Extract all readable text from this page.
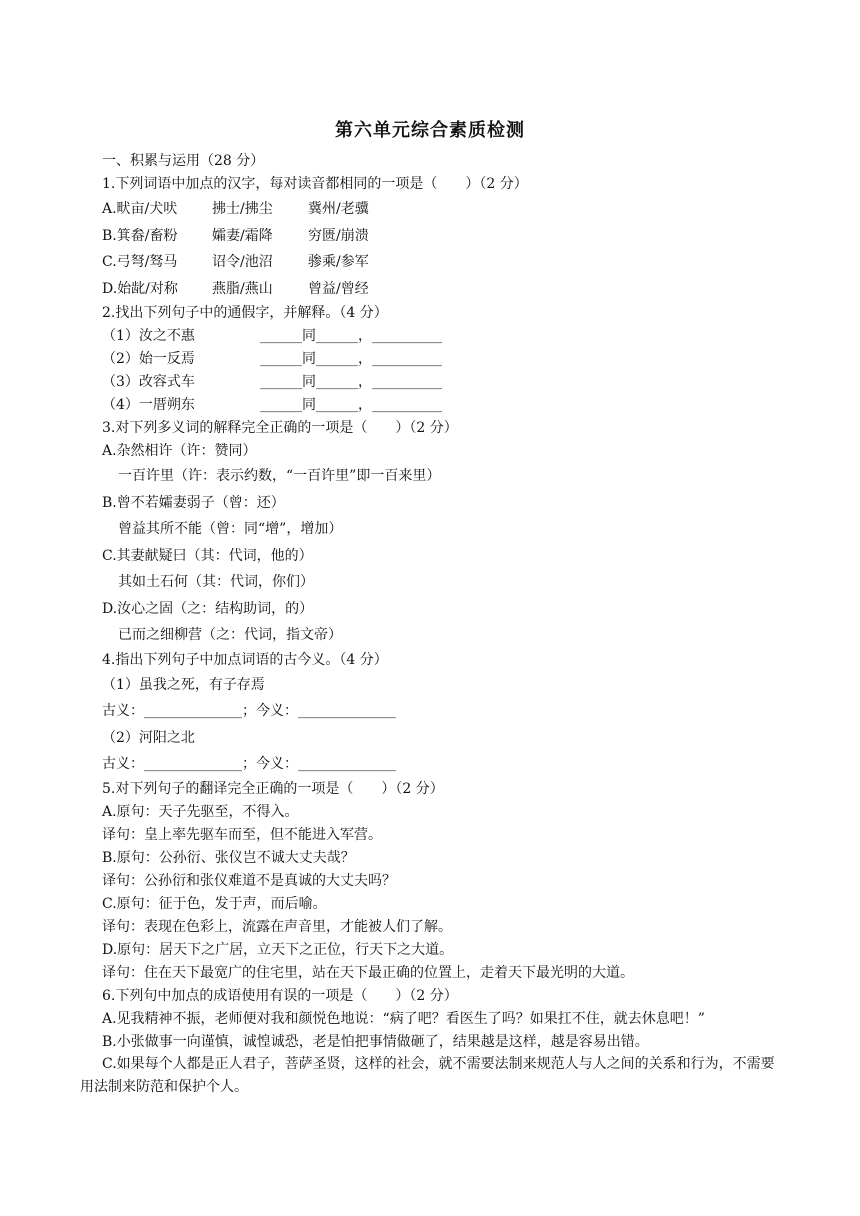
第六单元综合素质检测
一、积累与运用（28 分）
1.下列词语中加点的汉字，每对读音都相同的一项是（　　）（2 分）
A.畎亩/犬吠 拂士/拂尘	冀州/老骥
B.箕畚/畜粉 孀妻/霜降	穷匮/崩溃
C.弓弩/驽马 诏令/池沼	骖乘/参军
D.始龀/对称 燕脂/燕山	曾益/曾经
2.找出下列句子中的通假字，并解释。（4 分）
（1）汝之不惠	______同______，__________
（2）始一反焉	______同______，__________
（3）改容式车	______同______，__________
（4）一厝朔东	______同______，__________
3.对下列多义词的解释完全正确的一项是（　　）（2 分）
A.杂然相许（许：赞同）
一百许里（许：表示约数，“一百许里”即一百来里）
B.曾不若孀妻弱子（曾：还）
曾益其所不能（曾：同“增”，增加）
C.其妻献疑曰（其：代词，他的）
其如土石何（其：代词，你们）
D.汝心之固（之：结构助词，的）
已而之细柳营（之：代词，指文帝）
4.指出下列句子中加点词语的古今义。（4 分）
（1）虽我之死，有子存焉
古义：______________；今义：______________
（2）河阳之北
古义：______________；今义：______________
5.对下列句子的翻译完全正确的一项是（　　）（2 分）
A.原句：天子先驱至，不得入。
译句：皇上率先驱车而至，但不能进入军营。
B.原句：公孙衍、张仪岂不诚大丈夫哉？
译句：公孙衍和张仪难道不是真诚的大丈夫吗？
C.原句：征于色，发于声，而后喻。
译句：表现在色彩上，流露在声音里，才能被人们了解。
D.原句：居天下之广居，立天下之正位，行天下之大道。
译句：住在天下最宽广的住宅里，站在天下最正确的位置上，走着天下最光明的大道。
6.下列句中加点的成语使用有误的一项是（　　）（2 分）
A.见我精神不振，老师便对我和颜悦色地说：“病了吧？看医生了吗？如果扛不住，就去休息吧！”
B.小张做事一向谨慎，诚惶诚恐，老是怕把事情做砸了，结果越是这样，越是容易出错。
C.如果每个人都是正人君子，菩萨圣贤，这样的社会，就不需要法制来规范人与人之间的关系和行为，不需要用法制来防范和保护个人。
